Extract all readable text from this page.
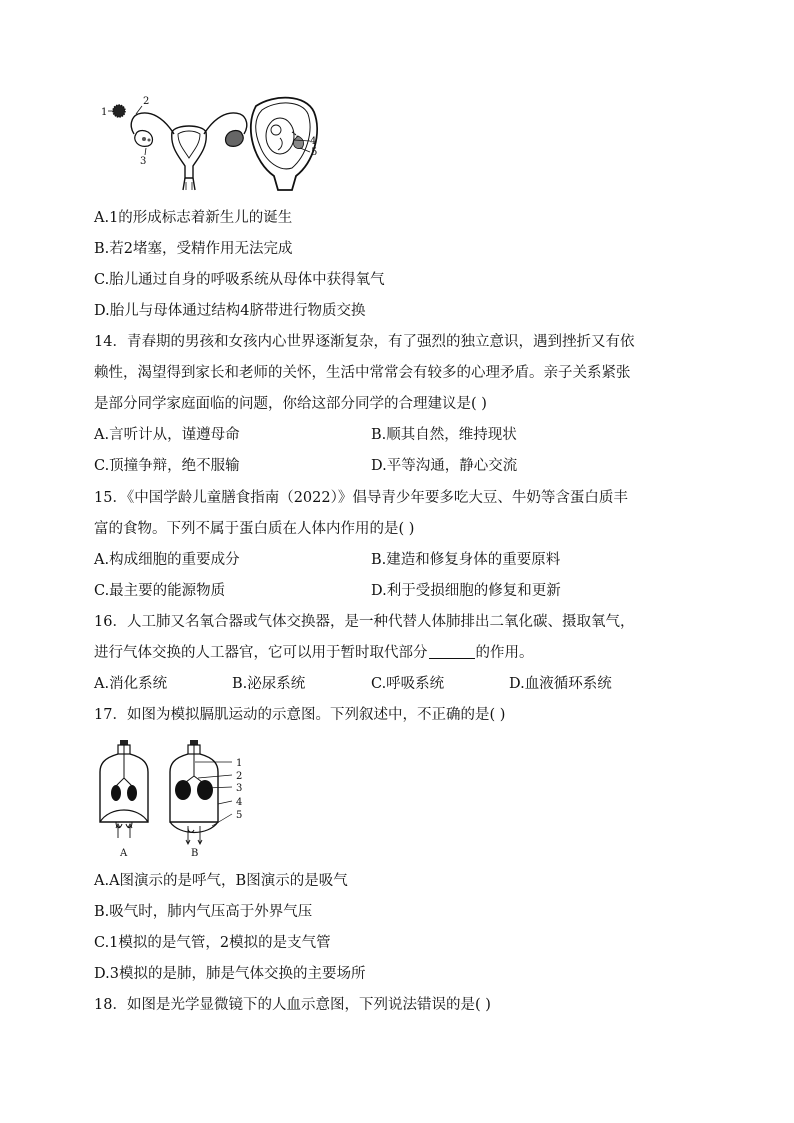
1
2
3
4
5
A.1的形成标志着新生儿的诞生
B.若2堵塞，受精作用无法完成
C.胎儿通过自身的呼吸系统从母体中获得氧气
D.胎儿与母体通过结构4脐带进行物质交换
14．青春期的男孩和女孩内心世界逐渐复杂，有了强烈的独立意识，遇到挫折又有依
赖性，渴望得到家长和老师的关怀，生活中常常会有较多的心理矛盾。亲子关系紧张
是部分同学家庭面临的问题，你给这部分同学的合理建议是( )
A.言听计从，谨遵母命	B.顺其自然，维持现状
C.顶撞争辩，绝不服输	D.平等沟通，静心交流
15．《中国学龄儿童膳食指南（2022）》倡导青少年要多吃大豆、牛奶等含蛋白质丰
富的食物。下列不属于蛋白质在人体内作用的是( )
A.构成细胞的重要成分	B.建造和修复身体的重要原料
C.最主要的能源物质	D.利于受损细胞的修复和更新
16．人工肺又名氧合器或气体交换器，是一种代替人体肺排出二氧化碳、摄取氧气，
进行气体交换的人工器官，它可以用于暂时取代部分	的作用。
A.消化系统	B.泌尿系统	C.呼吸系统	D.血液循环系统
17．如图为模拟膈肌运动的示意图。下列叙述中，不正确的是( )
A
1
2
3
4
5
B
A.A图演示的是呼气，B图演示的是吸气
B.吸气时，肺内气压高于外界气压
C.1模拟的是气管，2模拟的是支气管
D.3模拟的是肺，肺是气体交换的主要场所
18．如图是光学显微镜下的人血示意图，下列说法错误的是( )
